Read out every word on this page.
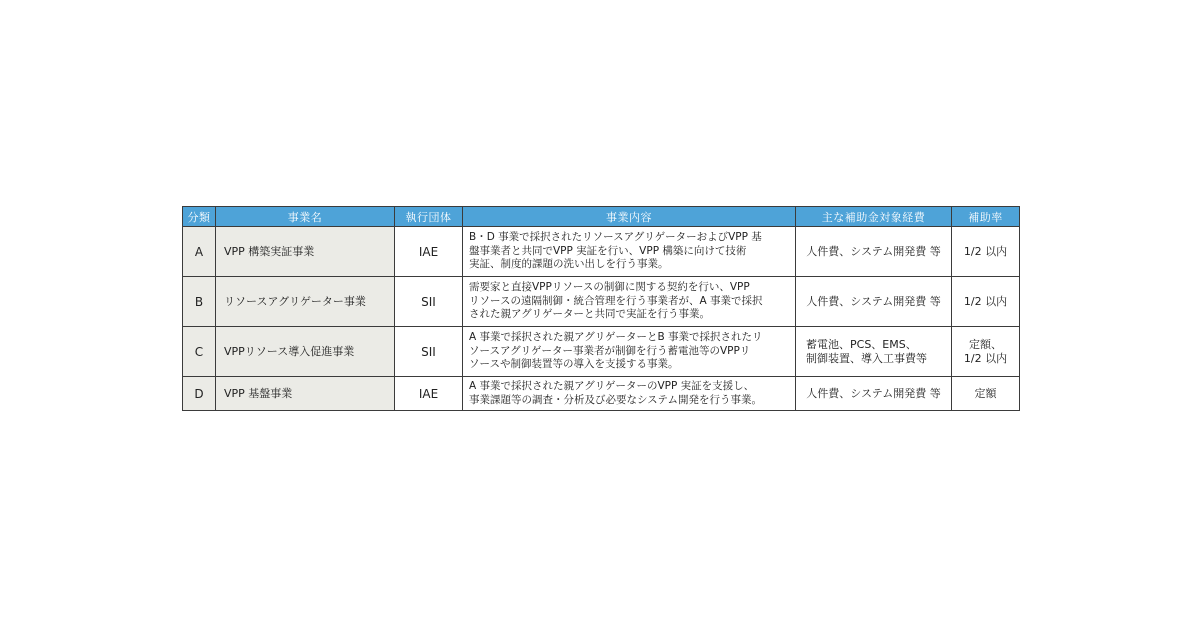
分類	事業名	執行団体	事業内容	主な補助金対象経費	補助率
A	VPP 構築実証事業	IAE	B・D 事業で採択されたリソースアグリゲーターおよびVPP 基
盤事業者と共同でVPP 実証を行い、VPP 構築に向けて技術
実証、制度的課題の洗い出しを行う事業。	人件費、システム開発費 等	1/2 以内

B	リソースアグリゲーター事業	SII	需要家と直接VPPリソースの制御に関する契約を行い、VPP
リソースの遠隔制御・統合管理を行う事業者が、A 事業で採択
された親アグリゲーターと共同で実証を行う事業。	人件費、システム開発費 等	1/2 以内

C	VPPリソース導入促進事業	SII	A 事業で採択された親アグリゲーターとB 事業で採択されたリ
ソースアグリゲーター事業者が制御を行う蓄電池等のVPPリ
ソースや制御装置等の導入を支援する事業。	蓄電池、PCS、EMS、
制御装置、導入工事費等	定額、
1/2 以内

D	VPP 基盤事業	IAE	A 事業で採択された親アグリゲーターのVPP 実証を支援し、
事業課題等の調査・分析及び必要なシステム開発を行う事業。	人件費、システム開発費 等	定額
